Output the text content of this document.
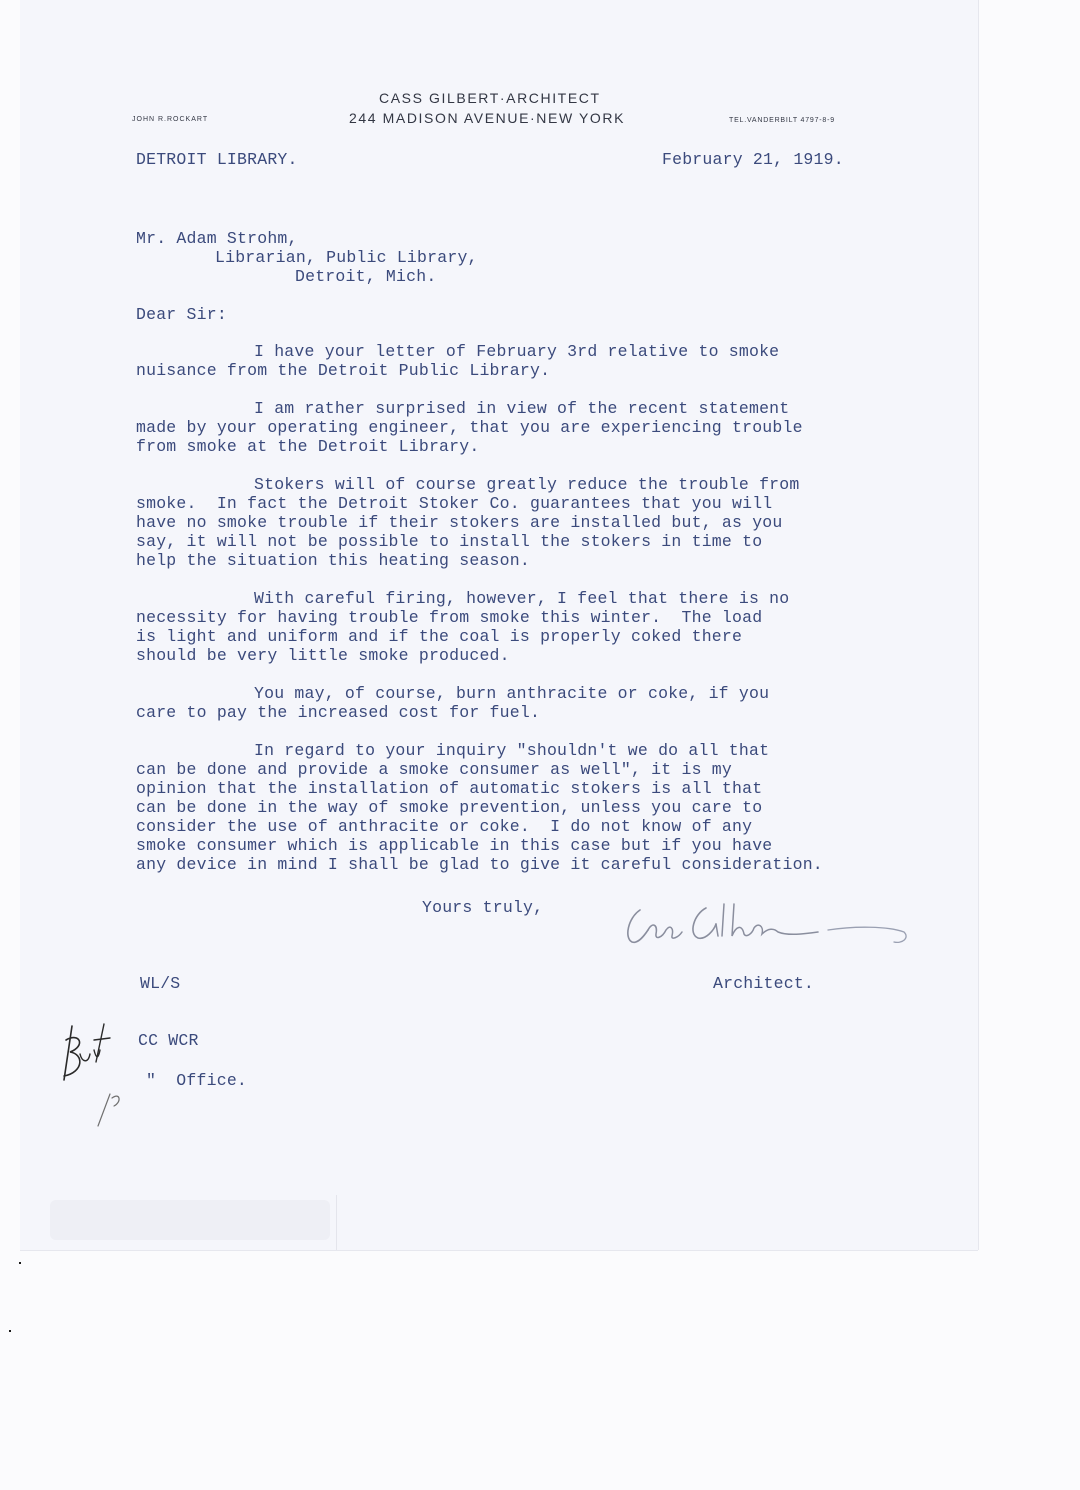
CASS GILBERT·ARCHITECT
244 MADISON AVENUE·NEW YORK
JOHN R.ROCKART	TEL.VANDERBILT 4797-8-9
DETROIT LIBRARY.	February 21, 1919.
Mr. Adam Strohm,
Librarian, Public Library,
Detroit, Mich.
Dear Sir:
I have your letter of February 3rd relative to smoke
nuisance from the Detroit Public Library.
I am rather surprised in view of the recent statement
made by your operating engineer, that you are experiencing trouble
from smoke at the Detroit Library.
Stokers will of course greatly reduce the trouble from
smoke.  In fact the Detroit Stoker Co. guarantees that you will
have no smoke trouble if their stokers are installed but, as you
say, it will not be possible to install the stokers in time to
help the situation this heating season.
With careful firing, however, I feel that there is no
necessity for having trouble from smoke this winter.  The load
is light and uniform and if the coal is properly coked there
should be very little smoke produced.
You may, of course, burn anthracite or coke, if you
care to pay the increased cost for fuel.
In regard to your inquiry "shouldn't we do all that
can be done and provide a smoke consumer as well", it is my
opinion that the installation of automatic stokers is all that
can be done in the way of smoke prevention, unless you care to
consider the use of anthracite or coke.  I do not know of any
smoke consumer which is applicable in this case but if you have
any device in mind I shall be glad to give it careful consideration.
Yours truly,
WL/S	Architect.
CC WCR
"  Office.
